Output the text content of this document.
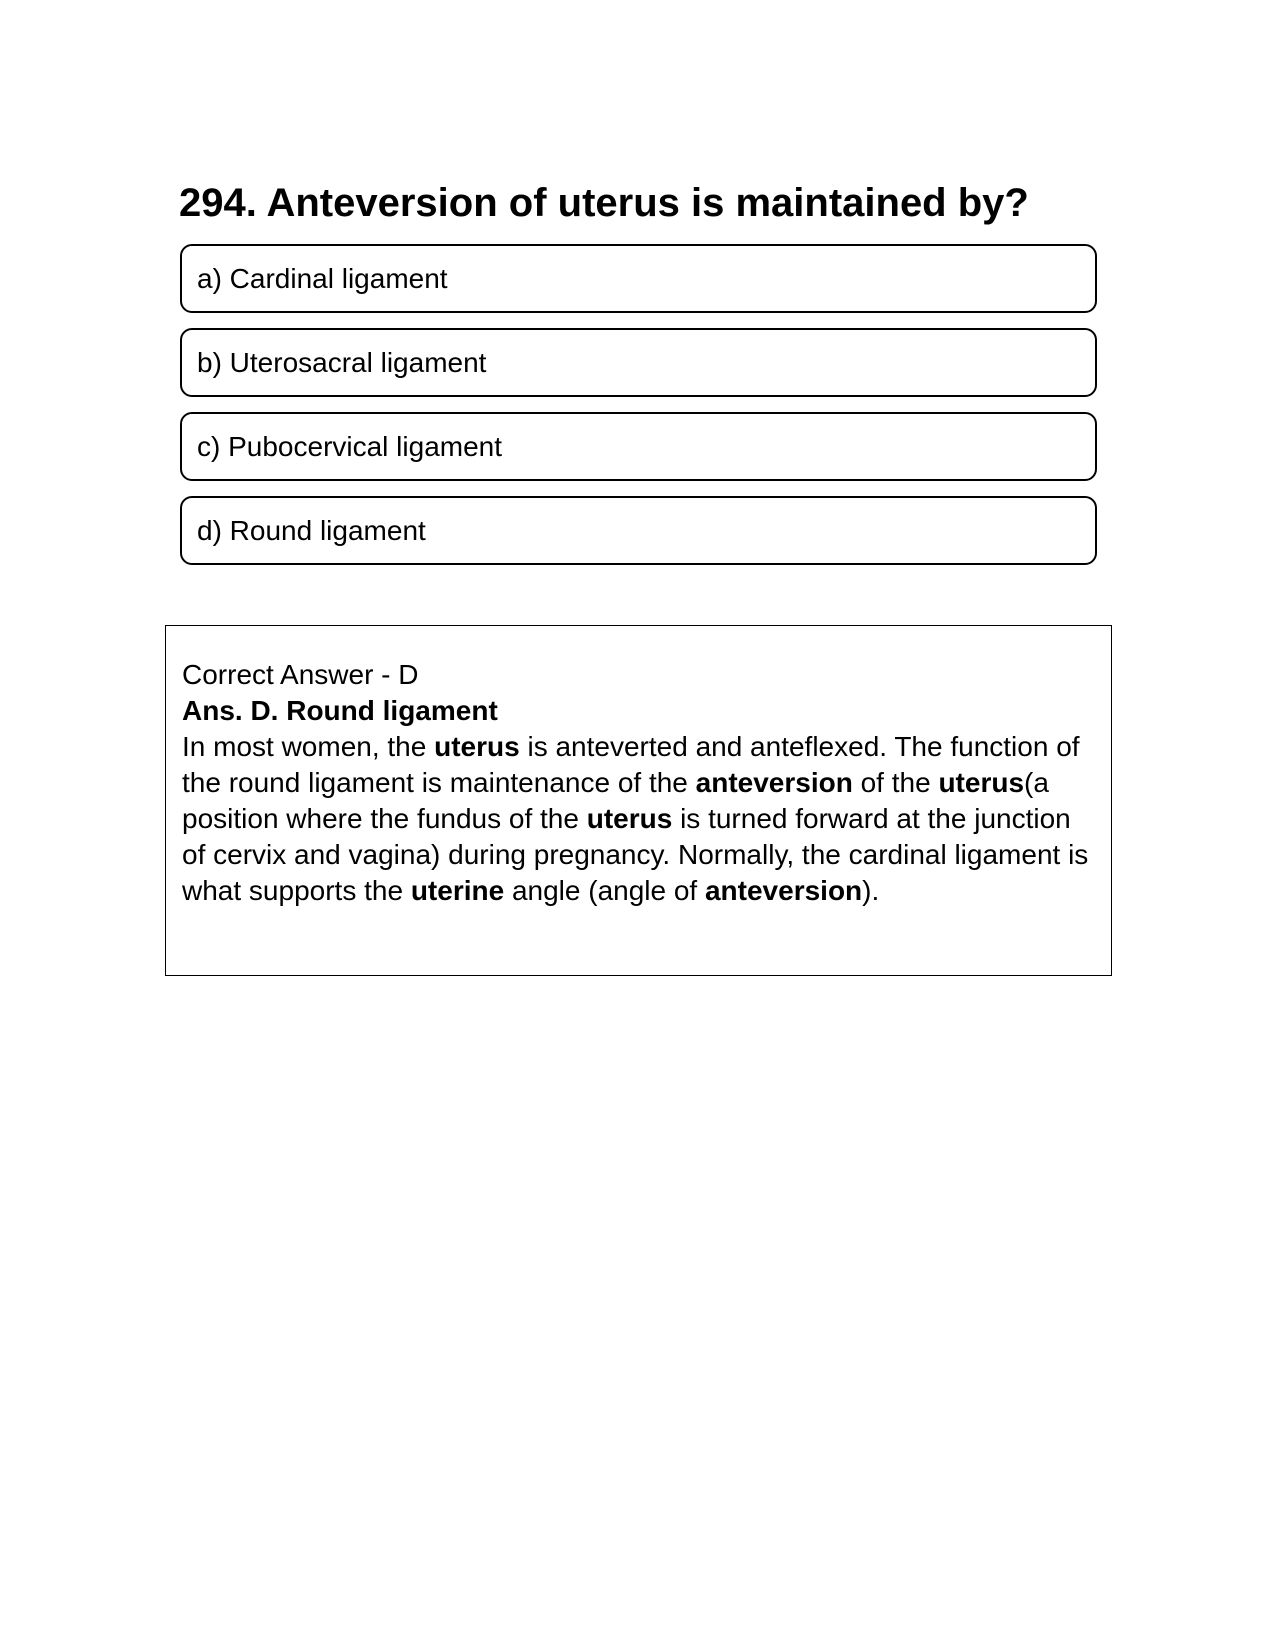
294. Anteversion of uterus is maintained by?
a) Cardinal ligament
b) Uterosacral ligament
c) Pubocervical ligament
d) Round ligament

Correct Answer - D

Ans. D. Round ligament

In most women, the uterus is anteverted and anteflexed. The function of the round ligament is maintenance of the anteversion of the uterus(a position where the fundus of the uterus is turned forward at the junction of cervix and vagina) during pregnancy. Normally, the cardinal ligament is what supports the uterine angle (angle of anteversion).
